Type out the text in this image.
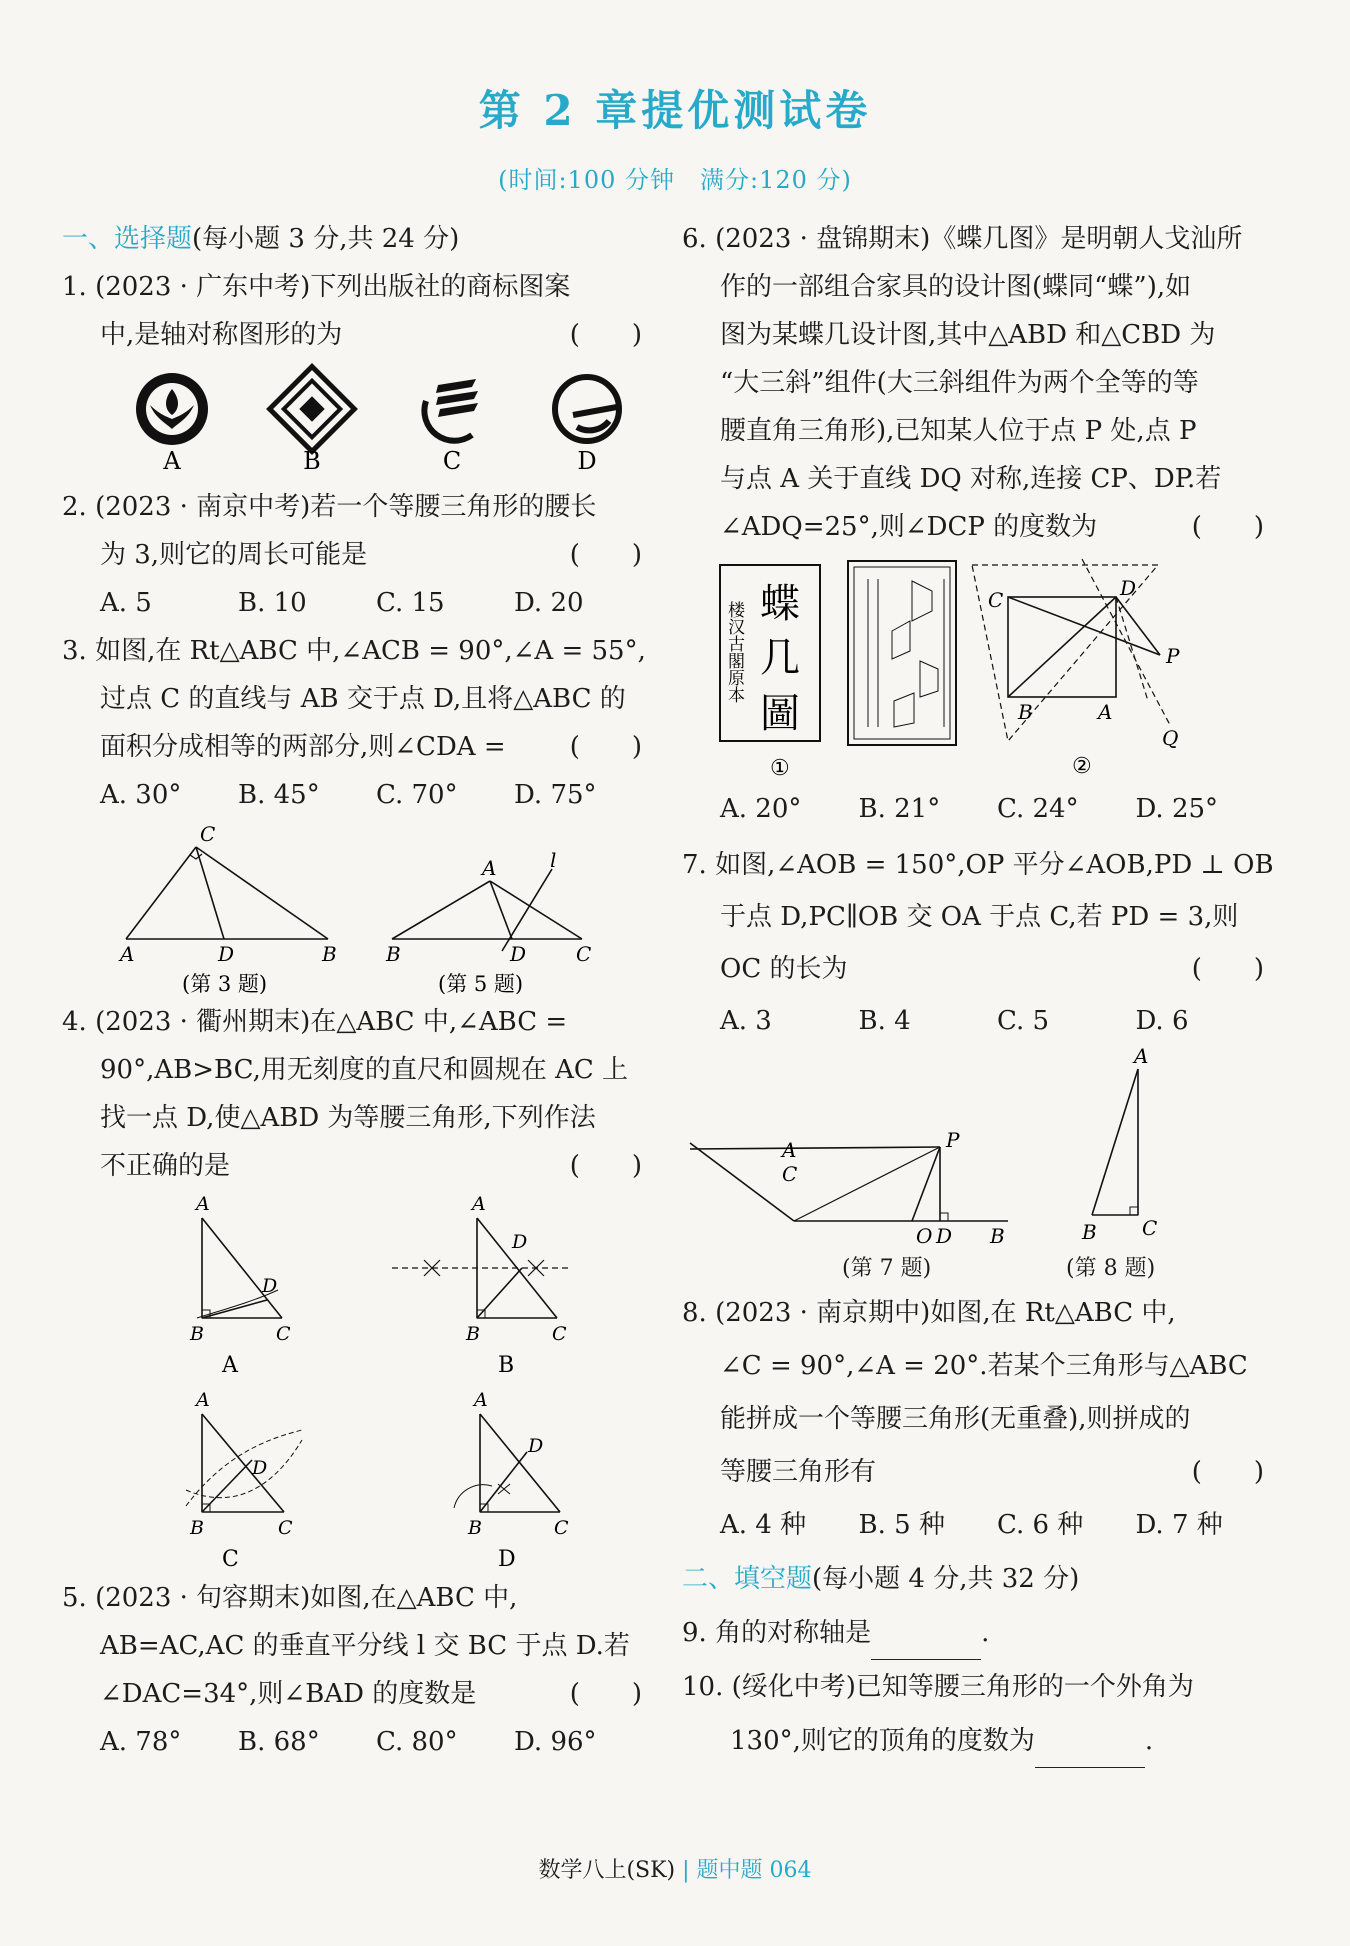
第 2 章提优测试卷
(时间:100 分钟　满分:120 分)
一、选择题(每小题 3 分,共 24 分)
1. (2023 · 广东中考)下列出版社的商标图案
中,是轴对称图形的为	(　　)
A	B	C	D
2. (2023 · 南京中考)若一个等腰三角形的腰长
为 3,则它的周长可能是	(　　)
A. 5	B. 10	C. 15	D. 20
3. 如图,在 Rt△ABC 中,∠ACB = 90°,∠A = 55°,
过点 C 的直线与 AB 交于点 D,且将△ABC 的
面积分成相等的两部分,则∠CDA = (　　)
A. 30°	B. 45°	C. 70°	D. 75°
C
A	D	B
(第 3 题)
A	l
B	D C
(第 5 题)
4. (2023 · 衢州期末)在△ABC 中,∠ABC =
90°,AB>BC,用无刻度的直尺和圆规在 AC 上
找一点 D,使△ABD 为等腰三角形,下列作法
不正确的是	(　　)
A
B	C
D
A
A
B	C
D
B
A
B	C
D
C
A
B	C
D
D
5. (2023 · 句容期末)如图,在△ABC 中,
AB=AC,AC 的垂直平分线 l 交 BC 于点 D.若
∠DAC=34°,则∠BAD 的度数是	(　　)
A. 78°	B. 68°	C. 80°	D. 96°
6. (2023 · 盘锦期末)《蝶几图》是明朝人戈汕所
作的一部组合家具的设计图(蝶同“蝶”),如
图为某蝶几设计图,其中△ABD 和△CBD 为
“大三斜”组件(大三斜组件为两个全等的等
腰直角三角形),已知某人位于点 P 处,点 P
与点 A 关于直线 DQ 对称,连接 CP、DP.若
∠ADQ=25°,则∠DCP 的度数为	(　　)
楼汉古閣原本 蝶
几
圖
C	D
P
B	A
Q
①	②
A. 20°	B. 21°	C. 24°	D. 25°
7. 如图,∠AOB = 150°,OP 平分∠AOB,PD ⊥ OB
于点 D,PC∥OB 交 OA 于点 C,若 PD = 3,则
OC 的长为	(　　)
A. 3	B. 4	C. 5	D. 6
A
C
P
O D B
A
B C
(第 7 题)	(第 8 题)
8. (2023 · 南京期中)如图,在 Rt△ABC 中,
∠C = 90°,∠A = 20°.若某个三角形与△ABC
能拼成一个等腰三角形(无重叠),则拼成的
等腰三角形有	(　　)
A. 4 种	B. 5 种	C. 6 种	D. 7 种
二、填空题(每小题 4 分,共 32 分)
9. 角的对称轴是	.
10. (绥化中考)已知等腰三角形的一个外角为
130°,则它的顶角的度数为	.
数学八上(SK) | 题中题 064
